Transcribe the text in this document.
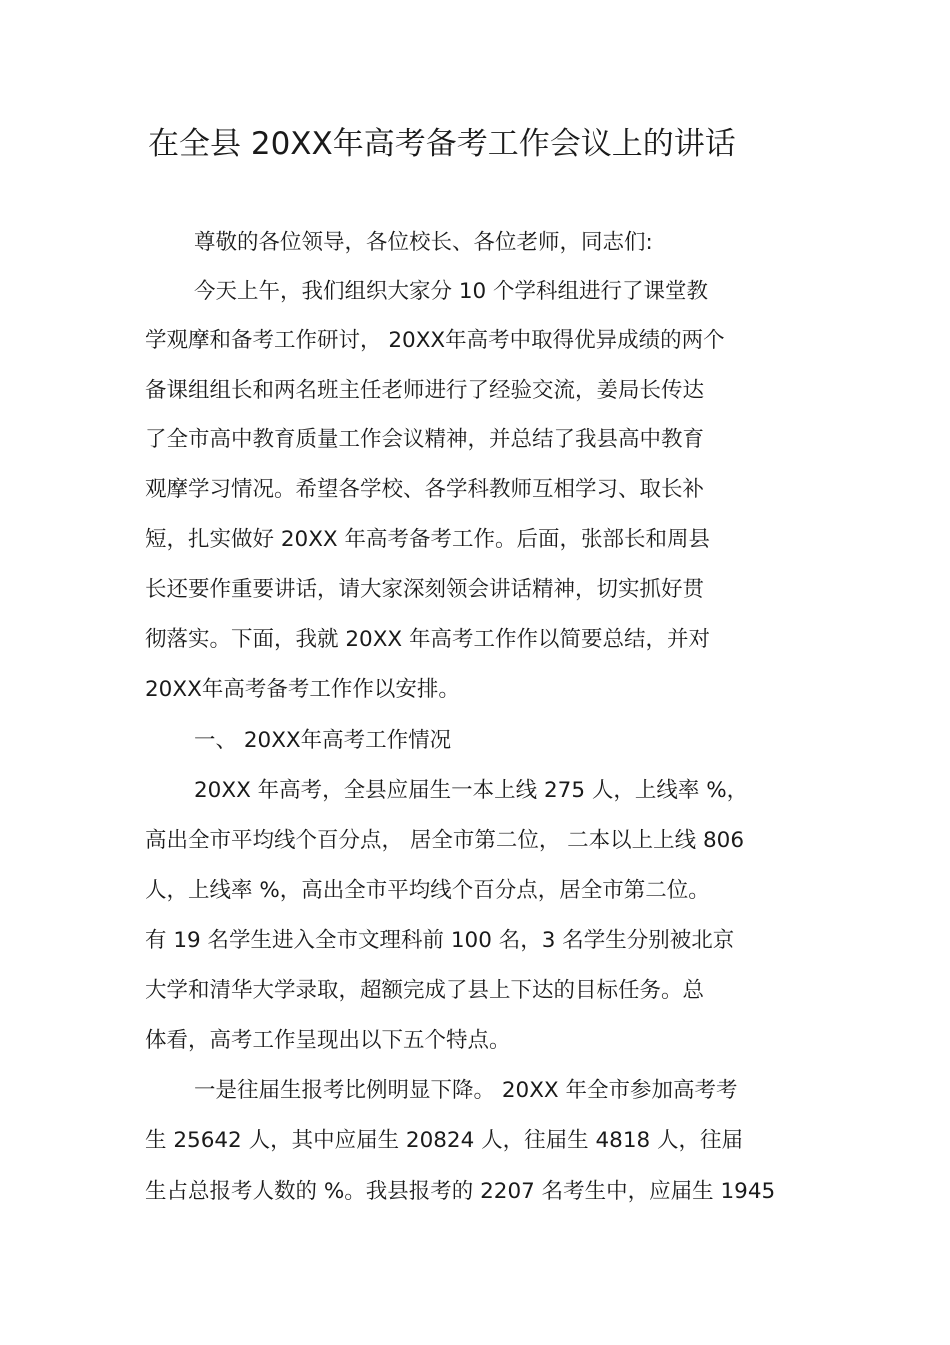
在全县 20XX年高考备考工作会议上的讲话
尊敬的各位领导，各位校长、各位老师，同志们:
今天上午，我们组织大家分 10 个学科组进行了课堂教
学观摩和备考工作研讨， 20XX年高考中取得优异成绩的两个
备课组组长和两名班主任老师进行了经验交流，姜局长传达
了全市高中教育质量工作会议精神，并总结了我县高中教育
观摩学习情况。希望各学校、各学科教师互相学习、取长补
短，扎实做好 20XX 年高考备考工作。后面，张部长和周县
长还要作重要讲话，请大家深刻领会讲话精神，切实抓好贯
彻落实。下面，我就 20XX 年高考工作作以简要总结，并对
20XX年高考备考工作作以安排。
一、 20XX年高考工作情况
20XX 年高考，全县应届生一本上线 275 人，上线率 %，
高出全市平均线个百分点， 居全市第二位， 二本以上上线 806
人，上线率 %，高出全市平均线个百分点，居全市第二位。
有 19 名学生进入全市文理科前 100 名，3 名学生分别被北京
大学和清华大学录取，超额完成了县上下达的目标任务。总
体看，高考工作呈现出以下五个特点。
一是往届生报考比例明显下降。 20XX 年全市参加高考考
生 25642 人，其中应届生 20824 人，往届生 4818 人，往届
生占总报考人数的 %。我县报考的 2207 名考生中，应届生 1945
